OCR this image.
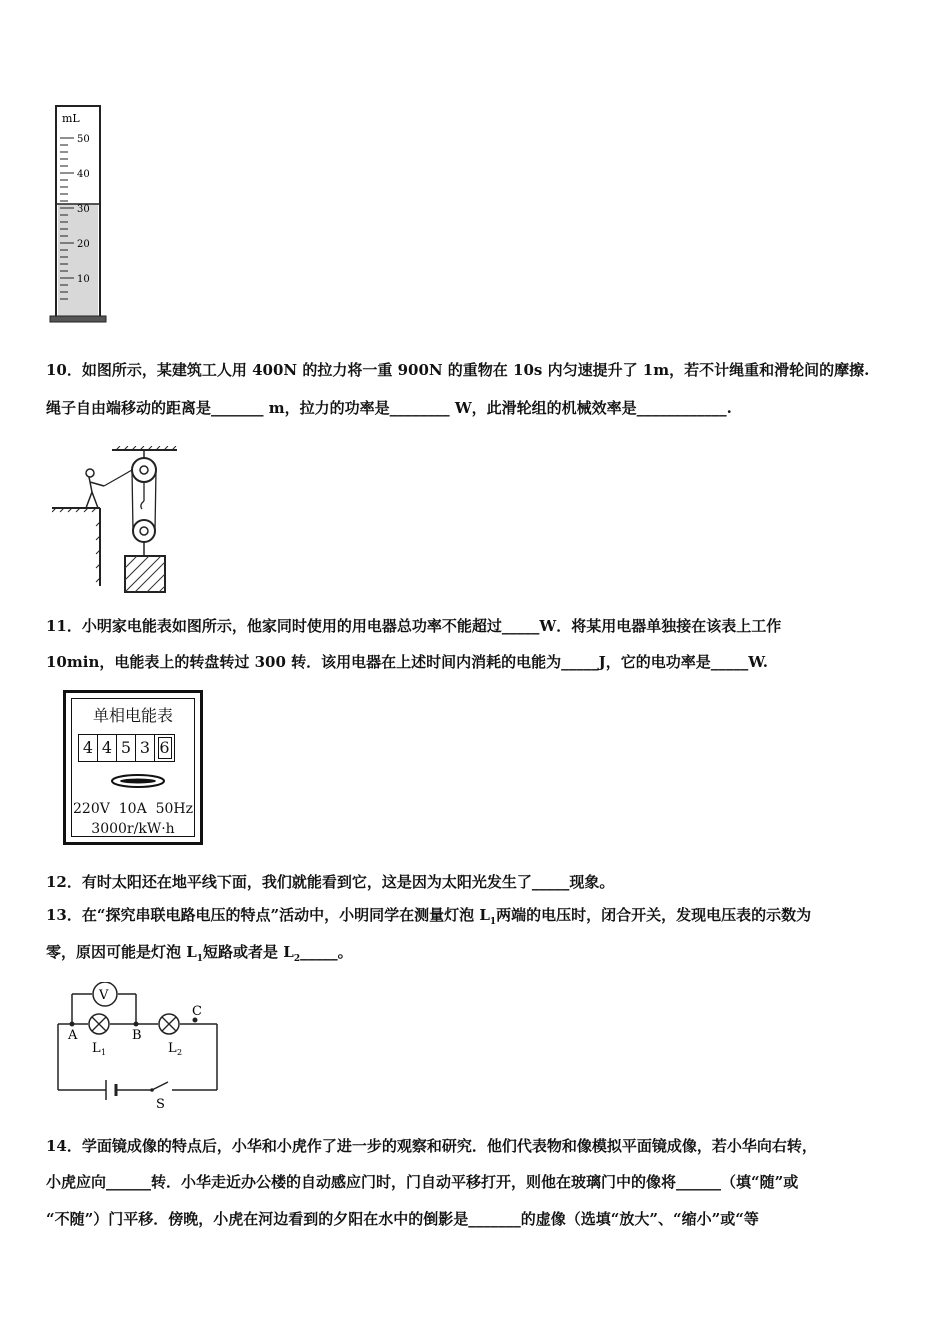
mL
50
40
30
20
10
10．如图所示，某建筑工人用 400N 的拉力将一重 900N 的重物在 10s 内匀速提升了 1m，若不计绳重和滑轮间的摩擦.
绳子自由端移动的距离是_______ m，拉力的功率是________ W，此滑轮组的机械效率是____________.
11．小明家电能表如图所示，他家同时使用的用电器总功率不能超过_____W．将某用电器单独接在该表上工作
10min，电能表上的转盘转过 300 转．该用电器在上述时间内消耗的电能为_____J，它的电功率是_____W.
单相电能表
4 4 5 3 6
220V  10A  50Hz
3000r/kW·h
12．有时太阳还在地平线下面，我们就能看到它，这是因为太阳光发生了_____现象。
13．在“探究串联电路电压的特点”活动中，小明同学在测量灯泡 $L_1$两端的电压时，闭合开关，发现电压表的示数为
零，原因可能是灯泡 $L_1$短路或者是 $L_2\_\_\_\_\_$。
V
A	B
C
L 1	L 2
S
14．学面镜成像的特点后，小华和小虎作了进一步的观察和研究．他们代表物和像模拟平面镜成像，若小华向右转，
小虎应向______转．小华走近办公楼的自动感应门时，门自动平移打开，则他在玻璃门中的像将______（填“随”或
“不随”）门平移．傍晚，小虎在河边看到的夕阳在水中的倒影是_______的虚像（选填“放大”、“缩小”或“等
